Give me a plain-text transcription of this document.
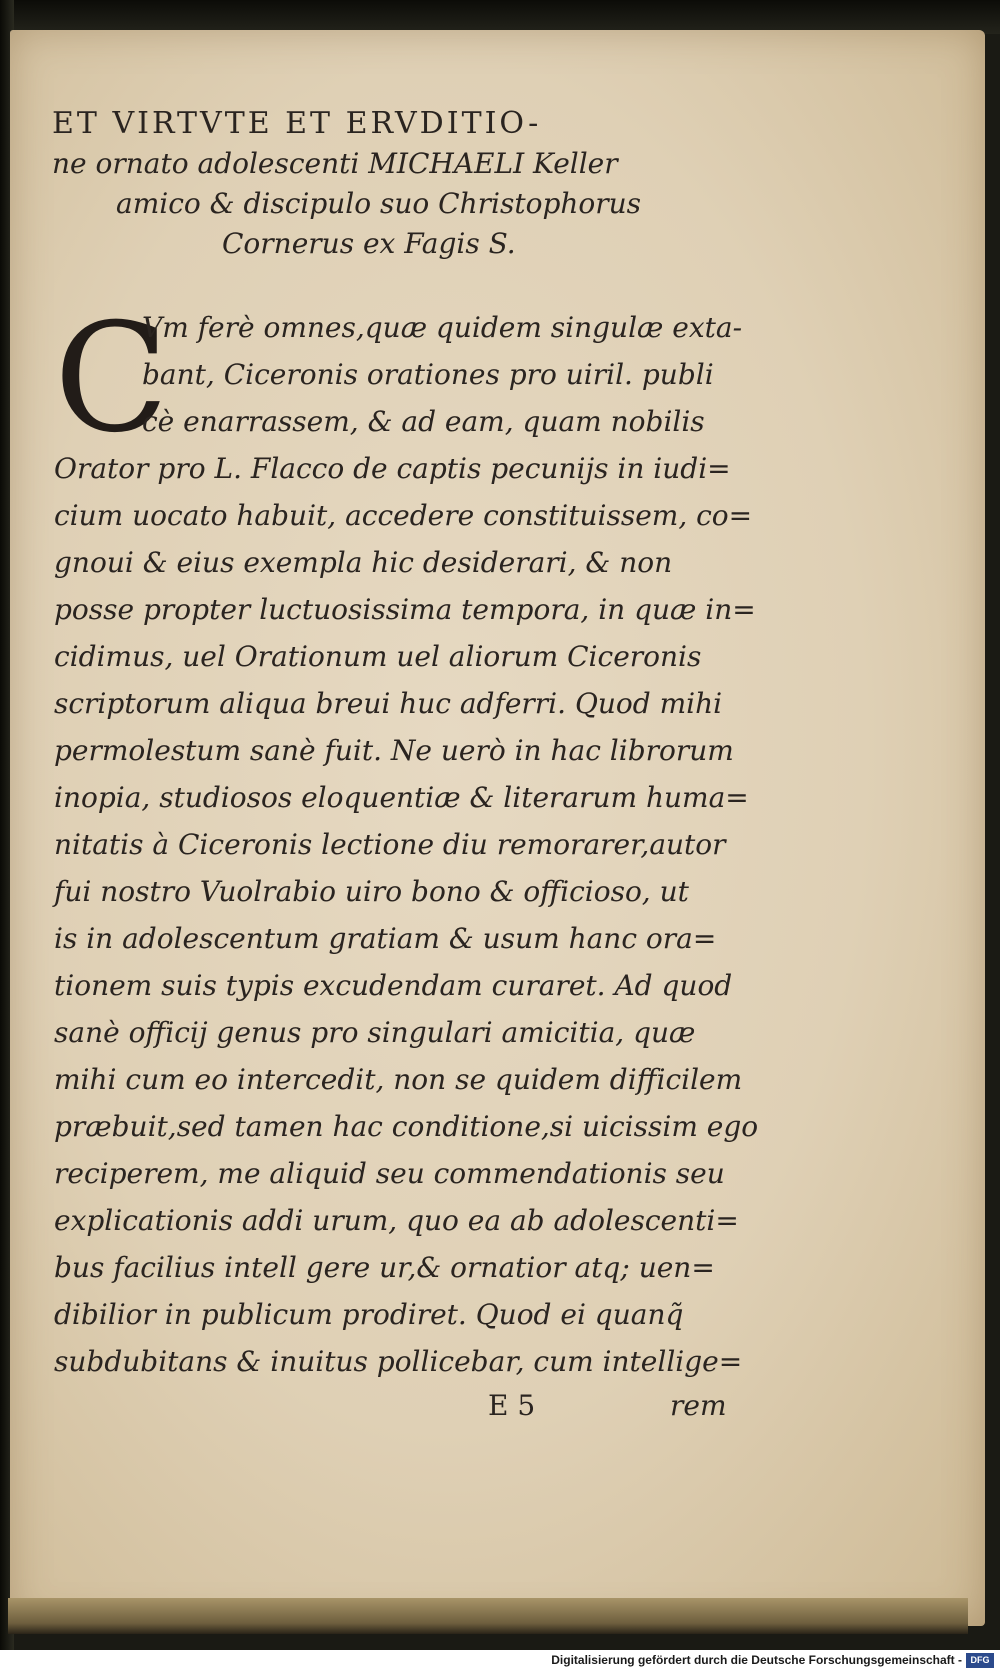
ET VIRTVTE ET ERVDITIO-
ne ornato adolescenti MICHAELI Keller
amico & discipulo suo Christophorus
Cornerus ex Fagis S.
C
Vm ferè omnes,quæ quidem singulæ exta-
bant, Ciceronis orationes pro uiril. publi
cè enarrassem, & ad eam, quam nobilis
Orator pro L. Flacco de captis pecunijs in iudi=
cium uocato habuit, accedere constituissem, co=
gnoui & eius exempla hic desiderari, & non
posse propter luctuosissima tempora, in quæ in=
cidimus, uel Orationum uel aliorum Ciceronis
scriptorum aliqua breui huc adferri. Quod mihi
permolestum sanè fuit. Ne uerò in hac librorum
inopia, studiosos eloquentiæ & literarum huma=
nitatis à Ciceronis lectione diu remorarer,autor
fui nostro Vuolrabio uiro bono & officioso, ut
is in adolescentum gratiam & usum hanc ora=
tionem suis typis excudendam curaret. Ad quod
sanè officij genus pro singulari amicitia, quæ
mihi cum eo intercedit, non se quidem difficilem
præbuit,sed tamen hac conditione,si uicissim ego
reciperem, me aliquid seu commendationis seu
explicationis addi urum, quo ea ab adolescenti=
bus facilius intell gere ur,& ornatior atq; uen=
dibilior in publicum prodiret. Quod ei quanq̃
subdubitans & inuitus pollicebar, cum intellige=
E 5	rem
Digitalisierung gefördert durch die Deutsche Forschungsgemeinschaft - DFG
